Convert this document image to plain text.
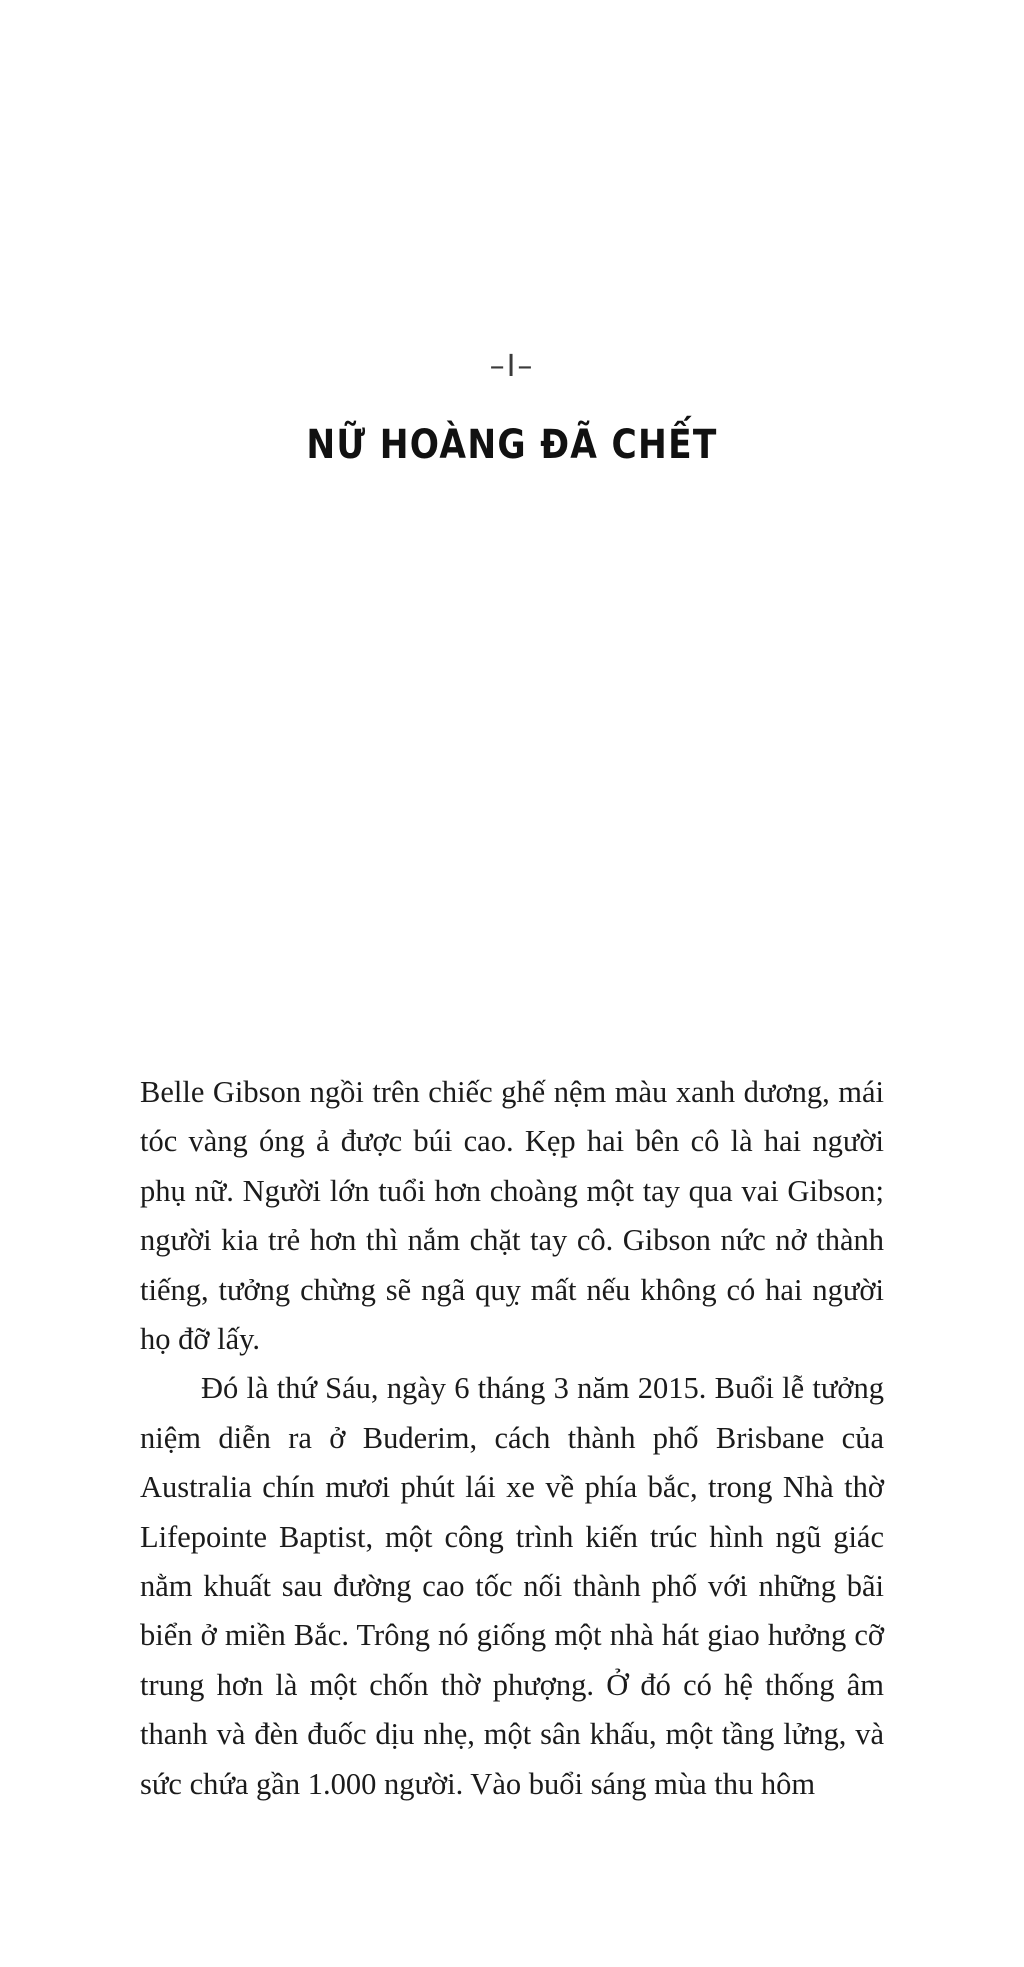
–I–
NỮ HOÀNG ĐÃ CHẾT

Belle Gibson ngồi trên chiếc ghế nệm màu xanh dương, mái tóc vàng óng ả được búi cao. Kẹp hai bên cô là hai người phụ nữ. Người lớn tuổi hơn choàng một tay qua vai Gibson; người kia trẻ hơn thì nắm chặt tay cô. Gibson nức nở thành tiếng, tưởng chừng sẽ ngã quỵ mất nếu không có hai người họ đỡ lấy.

Đó là thứ Sáu, ngày 6 tháng 3 năm 2015. Buổi lễ tưởng niệm diễn ra ở Buderim, cách thành phố Brisbane của Australia chín mươi phút lái xe về phía bắc, trong Nhà thờ Lifepointe Baptist, một công trình kiến trúc hình ngũ giác nằm khuất sau đường cao tốc nối thành phố với những bãi biển ở miền Bắc. Trông nó giống một nhà hát giao hưởng cỡ trung hơn là một chốn thờ phượng. Ở đó có hệ thống âm thanh và đèn đuốc dịu nhẹ, một sân khấu, một tầng lửng, và sức chứa gần 1.000 người. Vào buổi sáng mùa thu hôm
